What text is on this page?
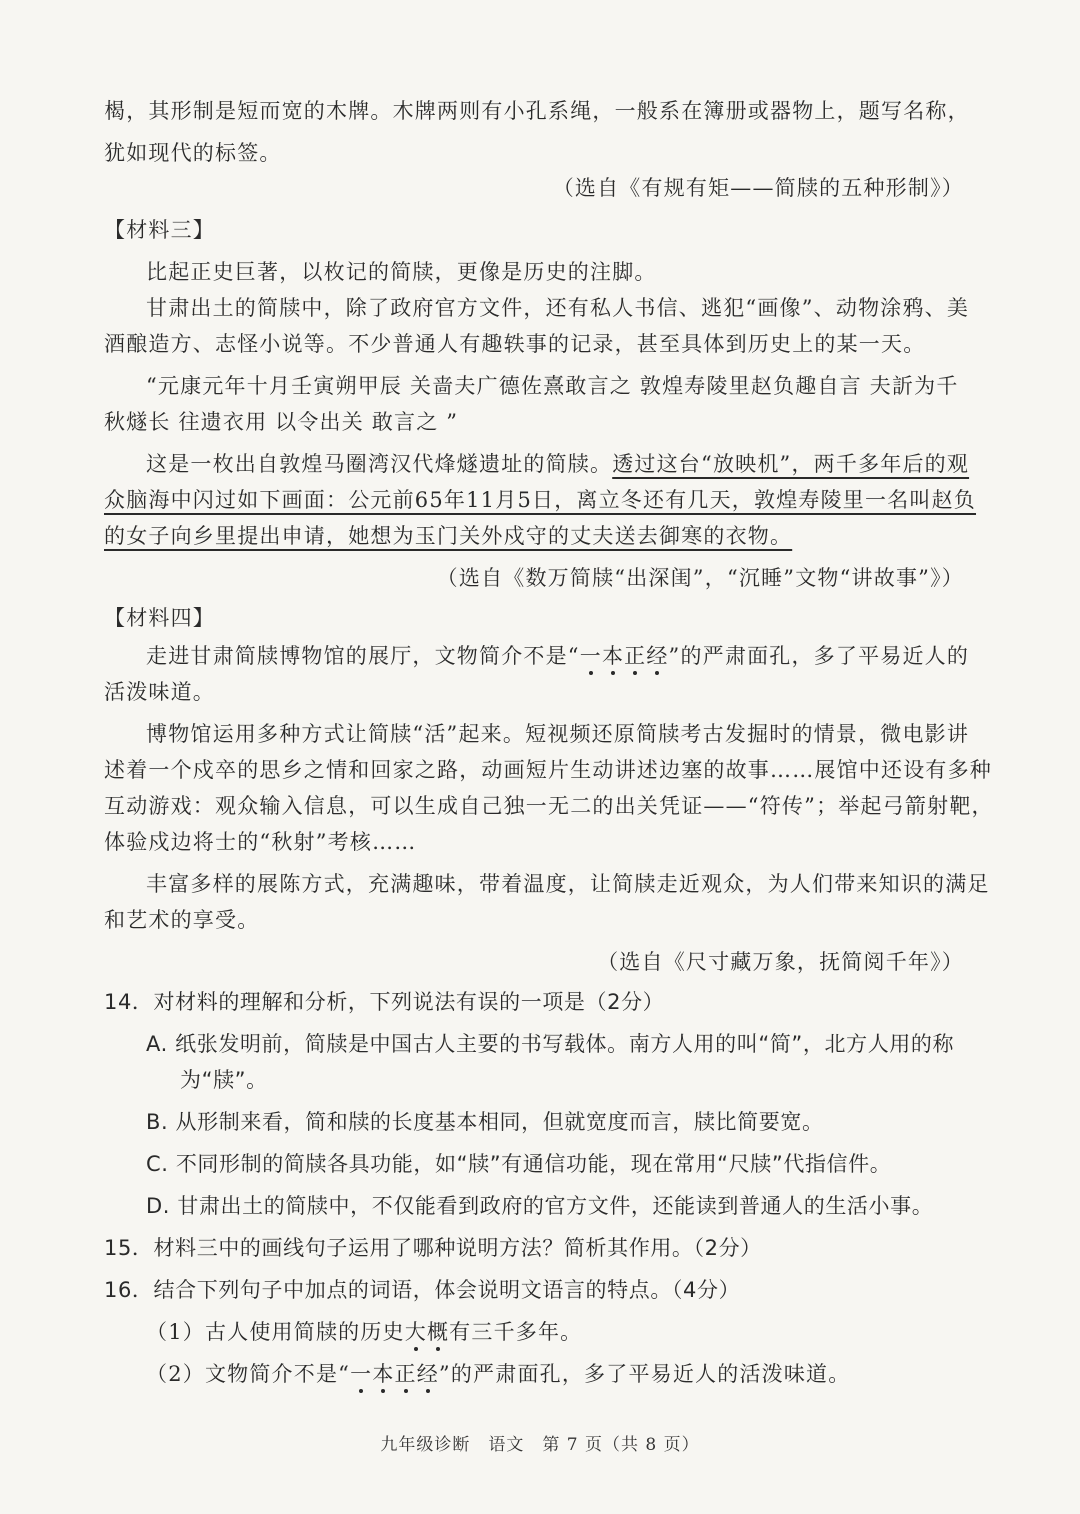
楬，其形制是短而宽的木牌。木牌两则有小孔系绳，一般系在簿册或器物上，题写名称，
犹如现代的标签。
（选自《有规有矩——简牍的五种形制》）
【材料三】
比起正史巨著，以枚记的简牍，更像是历史的注脚。
甘肃出土的简牍中，除了政府官方文件，还有私人书信、逃犯“画像”、动物涂鸦、美
酒酿造方、志怪小说等。不少普通人有趣轶事的记录，甚至具体到历史上的某一天。
“元康元年十月壬寅朔甲辰 关啬夫广德佐熹敢言之 敦煌寿陵里赵负趣自言 夫訢为千
秋燧长 往遗衣用 以令出关 敢言之 ”
这是一枚出自敦煌马圈湾汉代烽燧遗址的简牍。透过这台“放映机”，两千多年后的观
众脑海中闪过如下画面：公元前65年11月5日，离立冬还有几天，敦煌寿陵里一名叫赵负
的女子向乡里提出申请，她想为玉门关外戍守的丈夫送去御寒的衣物。
（选自《数万简牍“出深闺”，“沉睡”文物“讲故事”》）
【材料四】
走进甘肃简牍博物馆的展厅，文物简介不是“一本正经”的严肃面孔，多了平易近人的
活泼味道。
博物馆运用多种方式让简牍“活”起来。短视频还原简牍考古发掘时的情景，微电影讲
述着一个戍卒的思乡之情和回家之路，动画短片生动讲述边塞的故事……展馆中还设有多种
互动游戏：观众输入信息，可以生成自己独一无二的出关凭证——“符传”；举起弓箭射靶，
体验戍边将士的“秋射”考核……
丰富多样的展陈方式，充满趣味，带着温度，让简牍走近观众，为人们带来知识的满足
和艺术的享受。
（选自《尺寸藏万象，抚简阅千年》）
14．对材料的理解和分析，下列说法有误的一项是（2分）
A. 纸张发明前，简牍是中国古人主要的书写载体。南方人用的叫“简”，北方人用的称
为“牍”。
B. 从形制来看，简和牍的长度基本相同，但就宽度而言，牍比简要宽。
C. 不同形制的简牍各具功能，如“牍”有通信功能，现在常用“尺牍”代指信件。
D. 甘肃出土的简牍中，不仅能看到政府的官方文件，还能读到普通人的生活小事。
15．材料三中的画线句子运用了哪种说明方法？简析其作用。（2分）
16．结合下列句子中加点的词语，体会说明文语言的特点。（4分）
（1）古人使用简牍的历史大概有三千多年。
（2）文物简介不是“一本正经”的严肃面孔，多了平易近人的活泼味道。
九年级诊断　语文　第 7 页（共 8 页）
